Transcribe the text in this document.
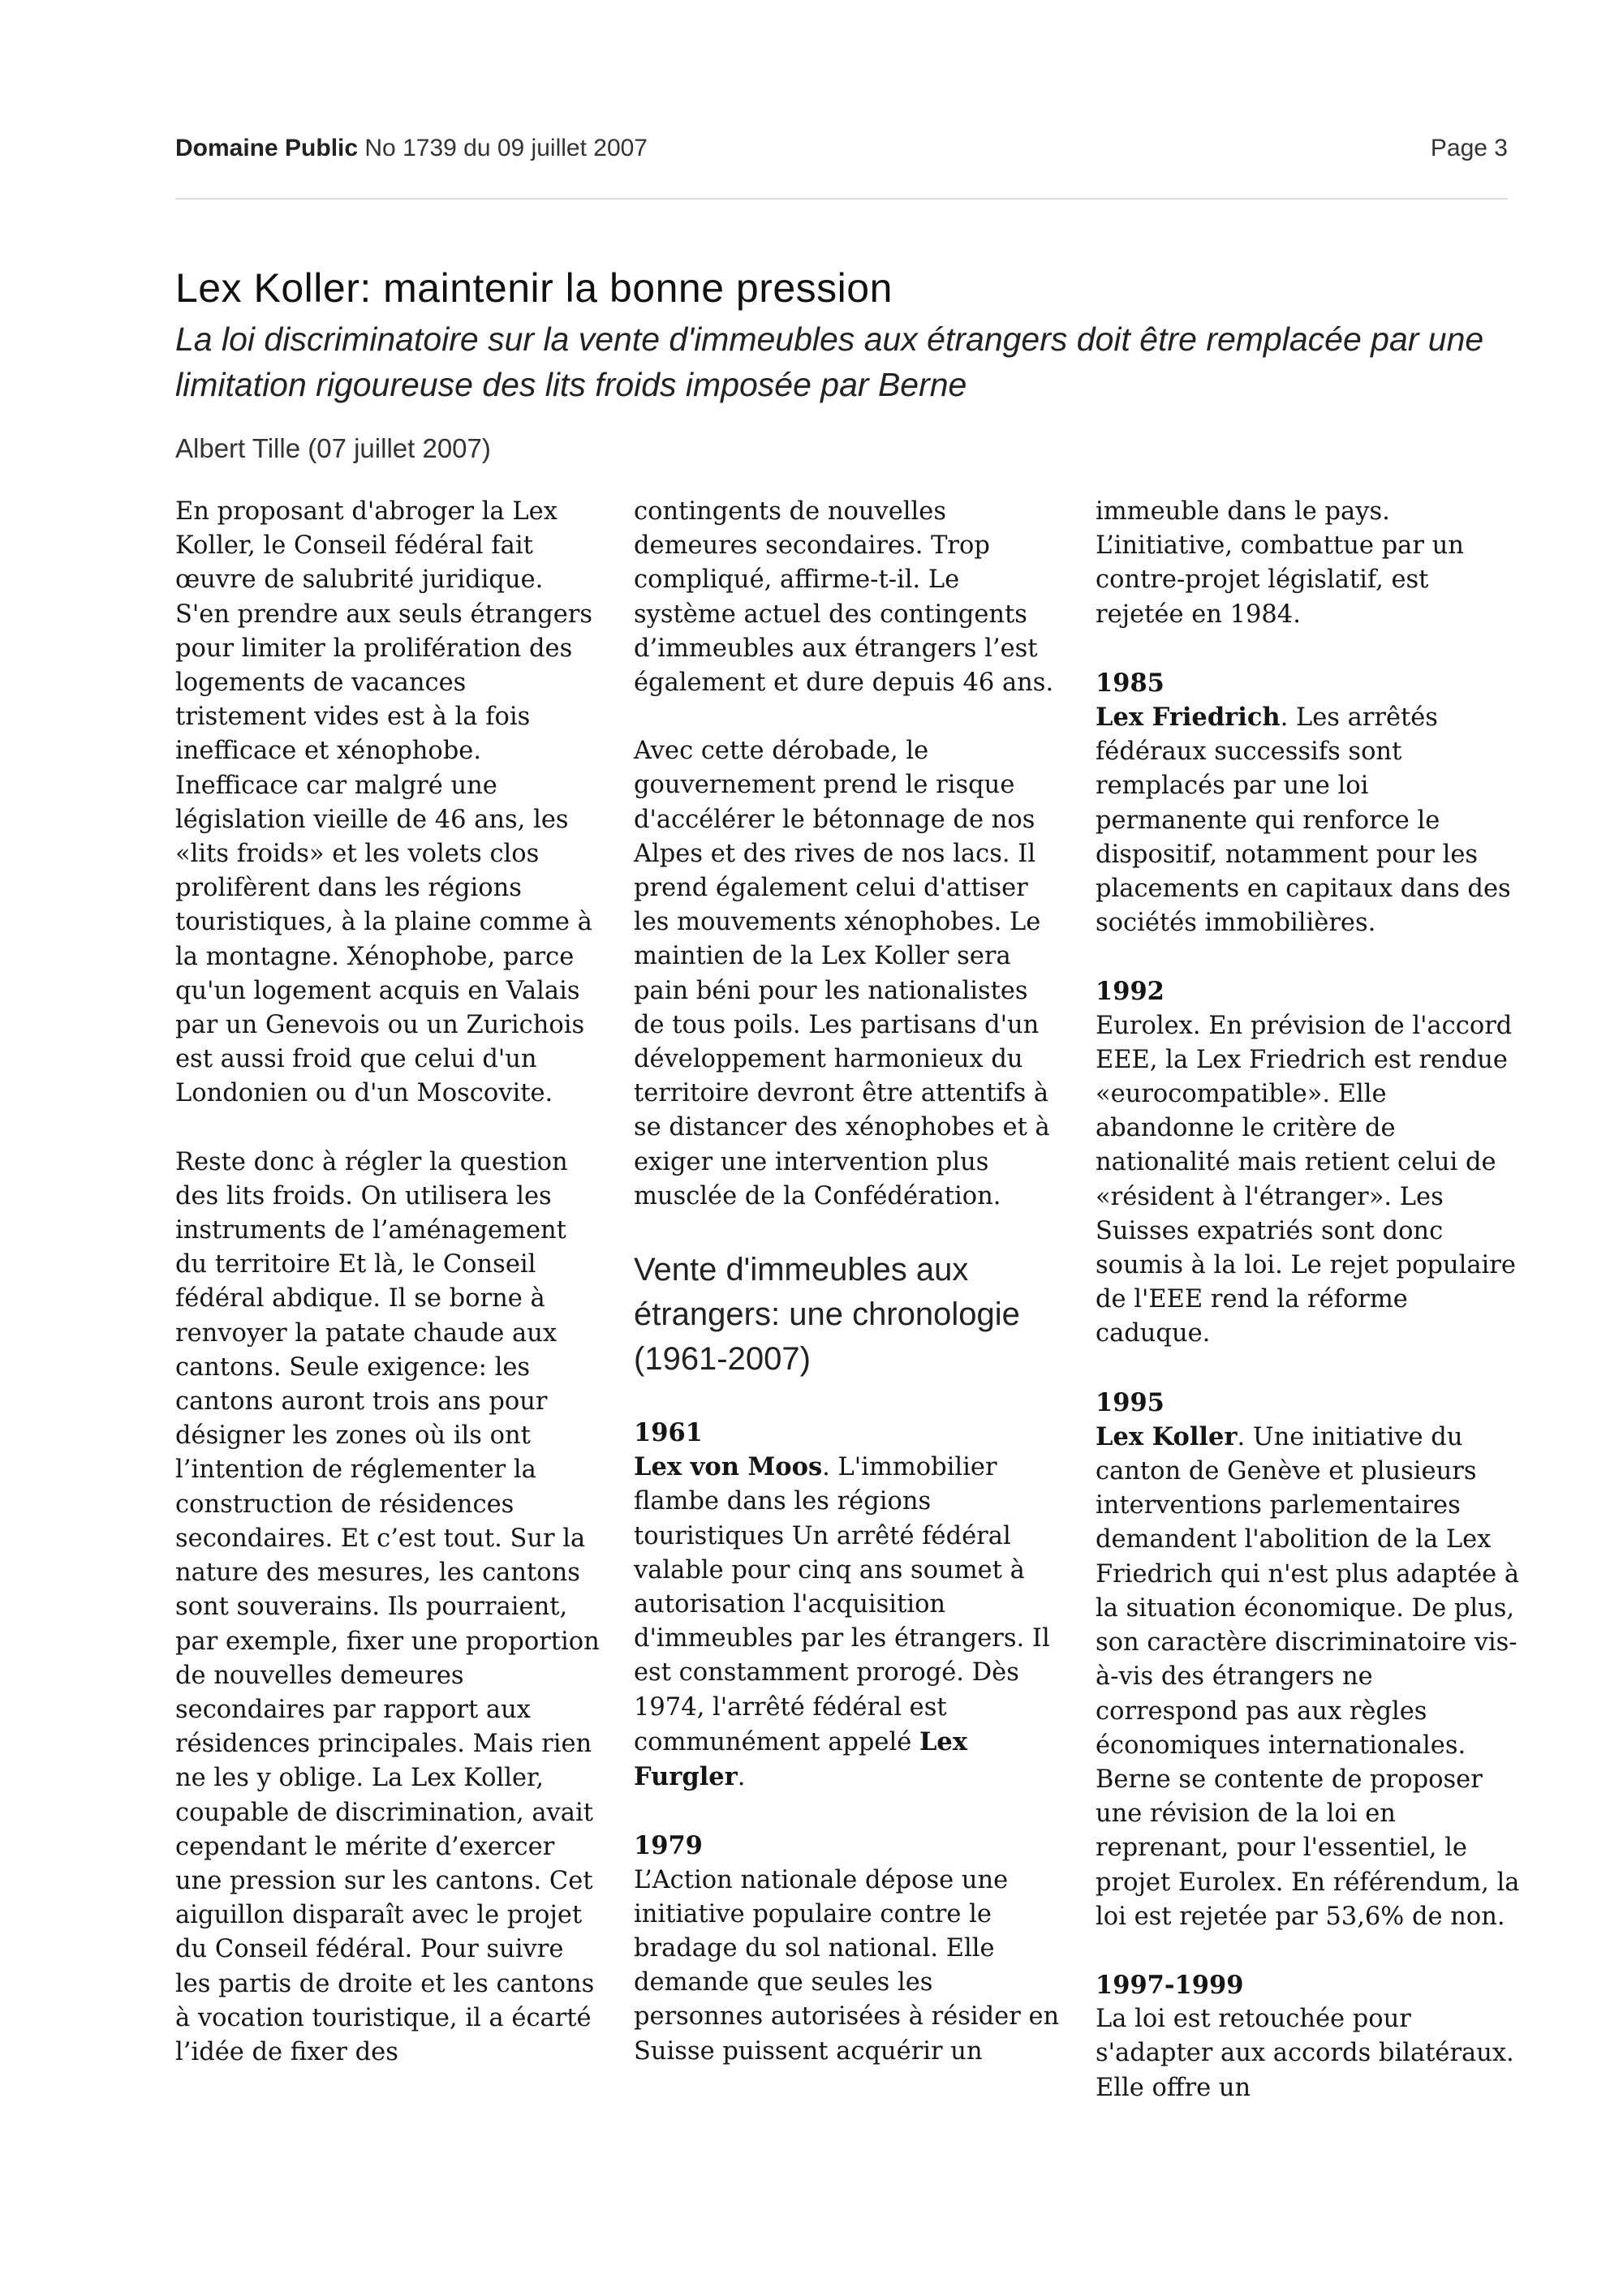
Domaine Public No 1739 du 09 juillet 2007	Page 3
Lex Koller: maintenir la bonne pression
La loi discriminatoire sur la vente d'immeubles aux étrangers doit être remplacée par une limitation rigoureuse des lits froids imposée par Berne
Albert Tille (07 juillet 2007)

En proposant d'abroger la Lex Koller, le Conseil fédéral fait œuvre de salubrité juridique. S'en prendre aux seuls étrangers pour limiter la prolifération des logements de vacances tristement vides est à la fois inefficace et xénophobe. Inefficace car malgré une législation vieille de 46 ans, les «lits froids» et les volets clos prolifèrent dans les régions touristiques, à la plaine comme à la montagne. Xénophobe, parce qu'un logement acquis en Valais par un Genevois ou un Zurichois est aussi froid que celui d'un Londonien ou d'un Moscovite.

Reste donc à régler la question des lits froids. On utilisera les instruments de l’aménagement du territoire Et là, le Conseil fédéral abdique. Il se borne à renvoyer la patate chaude aux cantons. Seule exigence: les cantons auront trois ans pour désigner les zones où ils ont l’intention de réglementer la construction de résidences secondaires. Et c’est tout. Sur la nature des mesures, les cantons sont souverains. Ils pourraient, par exemple, fixer une proportion de nouvelles demeures secondaires par rapport aux résidences principales. Mais rien ne les y oblige. La Lex Koller, coupable de discrimination, avait cependant le mérite d’exercer une pression sur les cantons. Cet aiguillon disparaît avec le projet du Conseil fédéral. Pour suivre les partis de droite et les cantons à vocation touristique, il a écarté l’idée de fixer des

contingents de nouvelles demeures secondaires. Trop compliqué, affirme-t-il. Le système actuel des contingents d’immeubles aux étrangers l’est également et dure depuis 46 ans.

Avec cette dérobade, le gouvernement prend le risque d'accélérer le bétonnage de nos Alpes et des rives de nos lacs. Il prend également celui d'attiser les mouvements xénophobes. Le maintien de la Lex Koller sera pain béni pour les nationalistes de tous poils. Les partisans d'un développement harmonieux du territoire devront être attentifs à se distancer des xénophobes et à exiger une intervention plus musclée de la Confédération.

Vente d'immeubles aux étrangers: une chronologie (1961-2007)
1961
Lex von Moos. L'immobilier flambe dans les régions touristiques Un arrêté fédéral valable pour cinq ans soumet à autorisation l'acquisition d'immeubles par les étrangers. Il est constamment prorogé. Dès 1974, l'arrêté fédéral est communément appelé Lex Furgler.
1979
L’Action nationale dépose une initiative populaire contre le bradage du sol national. Elle demande que seules les personnes autorisées à résider en Suisse puissent acquérir un

immeuble dans le pays. L’initiative, combattue par un contre-projet législatif, est rejetée en 1984.

1985
Lex Friedrich. Les arrêtés fédéraux successifs sont remplacés par une loi permanente qui renforce le dispositif, notamment pour les placements en capitaux dans des sociétés immobilières.
1992
Eurolex. En prévision de l'accord EEE, la Lex Friedrich est rendue «eurocompatible». Elle abandonne le critère de nationalité mais retient celui de «résident à l'étranger». Les Suisses expatriés sont donc soumis à la loi. Le rejet populaire de l'EEE rend la réforme caduque.
1995
Lex Koller. Une initiative du canton de Genève et plusieurs interventions parlementaires demandent l'abolition de la Lex Friedrich qui n'est plus adaptée à la situation économique. De plus, son caractère discriminatoire vis-à-vis des étrangers ne correspond pas aux règles économiques internationales. Berne se contente de proposer une révision de la loi en reprenant, pour l'essentiel, le projet Eurolex. En référendum, la loi est rejetée par 53,6% de non.
1997-1999
La loi est retouchée pour s'adapter aux accords bilatéraux. Elle offre un
